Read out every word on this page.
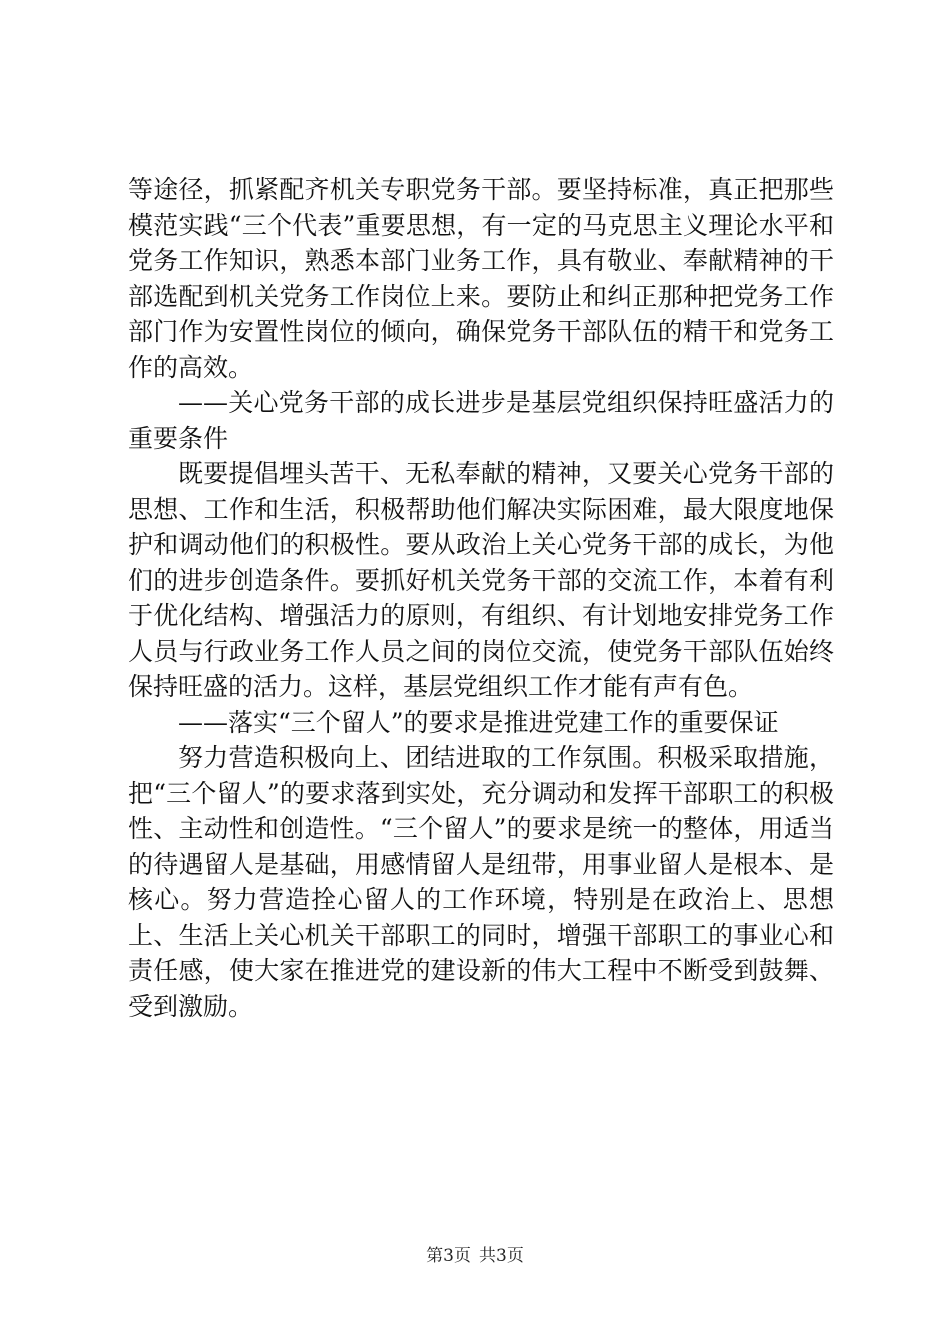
等途径，抓紧配齐机关专职党务干部。要坚持标准，真正把那些模范实践“三个代表”重要思想，有一定的马克思主义理论水平和党务工作知识，熟悉本部门业务工作，具有敬业、奉献精神的干部选配到机关党务工作岗位上来。要防止和纠正那种把党务工作部门作为安置性岗位的倾向，确保党务干部队伍的精干和党务工作的高效。

——关心党务干部的成长进步是基层党组织保持旺盛活力的重要条件

既要提倡埋头苦干、无私奉献的精神，又要关心党务干部的思想、工作和生活，积极帮助他们解决实际困难，最大限度地保护和调动他们的积极性。要从政治上关心党务干部的成长，为他们的进步创造条件。要抓好机关党务干部的交流工作，本着有利于优化结构、增强活力的原则，有组织、有计划地安排党务工作人员与行政业务工作人员之间的岗位交流，使党务干部队伍始终保持旺盛的活力。这样，基层党组织工作才能有声有色。

——落实“三个留人”的要求是推进党建工作的重要保证

努力营造积极向上、团结进取的工作氛围。积极采取措施，把“三个留人”的要求落到实处，充分调动和发挥干部职工的积极性、主动性和创造性。“三个留人”的要求是统一的整体，用适当的待遇留人是基础，用感情留人是纽带，用事业留人是根本、是核心。努力营造拴心留人的工作环境，特别是在政治上、思想上、生活上关心机关干部职工的同时，增强干部职工的事业心和责任感，使大家在推进党的建设新的伟大工程中不断受到鼓舞、受到激励。

第3页 共3页
